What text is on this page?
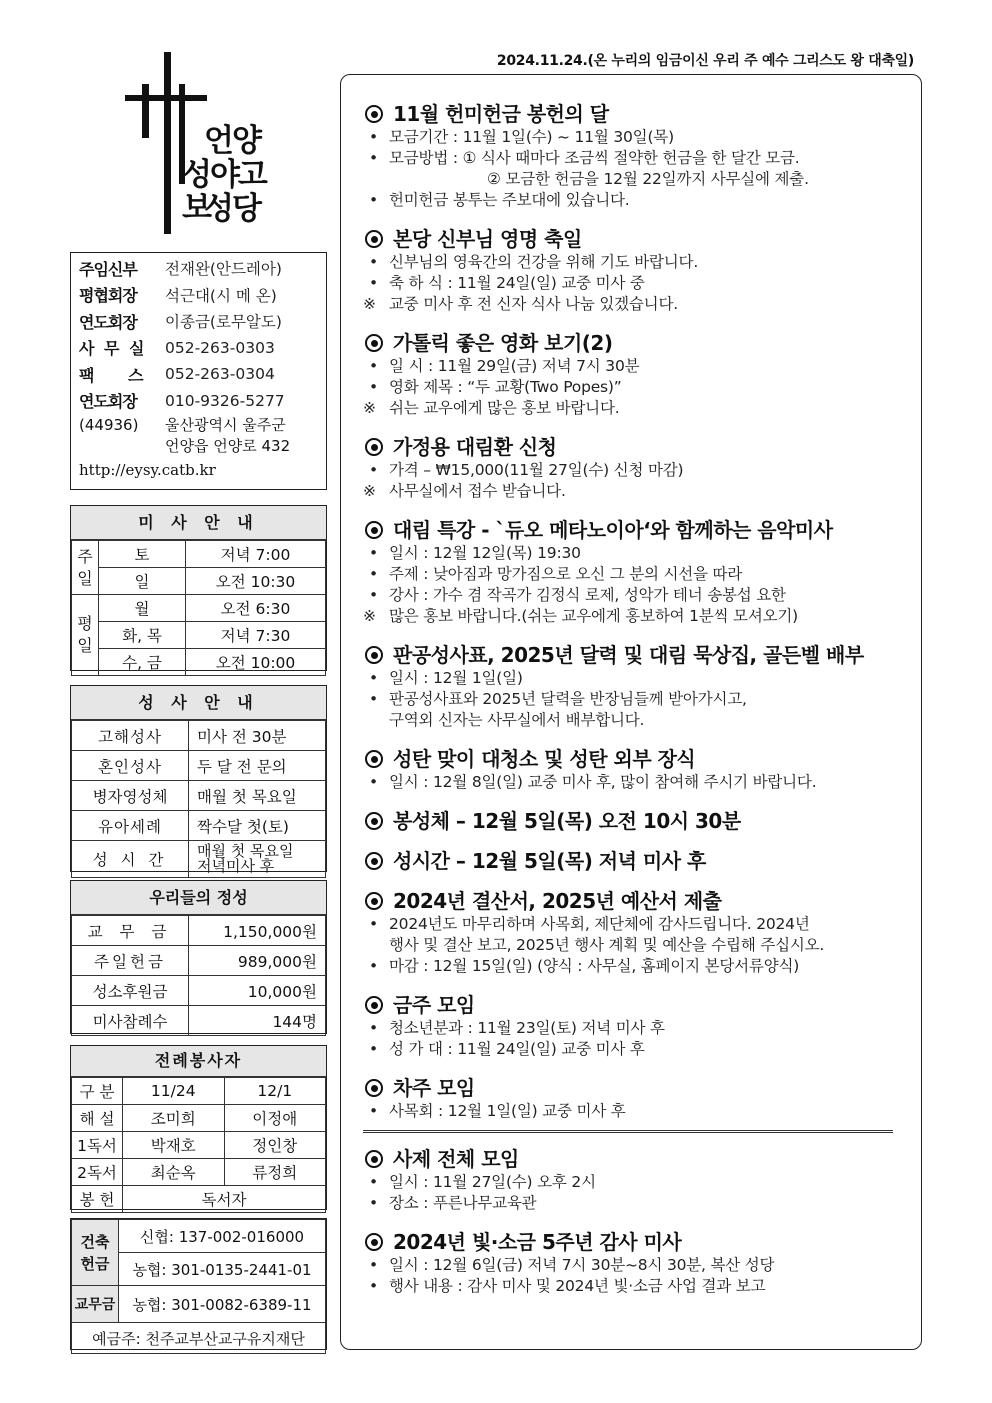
2024.11.24.(온 누리의 임금이신 우리 주 예수 그리스도 왕 대축일)
언양
성야고보
성당
주임신부	전재완(안드레아)
평협회장	석근대(시 메 온)
연도회장	이종금(로무알도)
사 무 실	052-263-0303
팩 스 052-263-0304
연도회장	010-9326-5277
(44936)	울산광역시 울주군
언양읍 언양로 432
http://eysy.catb.kr
미 사 안 내
주일	토	저녁 7:00
	일	오전 10:30
평일	월	오전 6:30
	화, 목	저녁 7:30
	수, 금	오전 10:00
성 사 안 내
고해성사	미사 전 30분
혼인성사	두 달 전 문의
병자영성체	매월 첫 목요일
유아세례	짝수달 첫(토)
성 시 간	매월 첫 목요일
저녁미사 후
우리들의 정성
교 무 금	1,150,000원
주일헌금	989,000원
성소후원금	10,000원
미사참례수	144명
전례봉사자
구 분	11/24	12/1
해 설	조미희	이정애
1독서	박재호	정인창
2독서	최순옥	류정희
봉 헌	독서자	
건축헌금	신협: 137-002-016000
	농협: 301-0135-2441-01
교무금	농협: 301-0082-6389-11
예금주: 천주교부산교구유지재단	
11월 헌미헌금 봉헌의 달
• 모금기간 : 11월 1일(수) ~ 11월 30일(목)
• 모금방법 : ① 식사 때마다 조금씩 절약한 헌금을 한 달간 모금.
② 모금한 헌금을 12월 22일까지 사무실에 제출.
• 헌미헌금 봉투는 주보대에 있습니다.
본당 신부님 영명 축일
• 신부님의 영육간의 건강을 위해 기도 바랍니다.
• 축 하 식 : 11월 24일(일) 교중 미사 중
※ 교중 미사 후 전 신자 식사 나눔 있겠습니다.
가톨릭 좋은 영화 보기(2)
• 일 시 : 11월 29일(금) 저녁 7시 30분
• 영화 제목 : “두 교황(Two Popes)”
※ 쉬는 교우에게 많은 홍보 바랍니다.
가정용 대림환 신청
• 가격 – ₩15,000(11월 27일(수) 신청 마감)
※ 사무실에서 접수 받습니다.
대림 특강 - `듀오 메타노이아‘와 함께하는 음악미사
• 일시 : 12월 12일(목) 19:30
• 주제 : 낮아짐과 망가짐으로 오신 그 분의 시선을 따라
• 강사 : 가수 겸 작곡가 김정식 로제, 성악가 테너 송봉섭 요한
※ 많은 홍보 바랍니다.(쉬는 교우에게 홍보하여 1분씩 모셔오기)
판공성사표, 2025년 달력 및 대림 묵상집, 골든벨 배부
• 일시 : 12월 1일(일)
• 판공성사표와 2025년 달력을 반장님들께 받아가시고,
구역외 신자는 사무실에서 배부합니다.
성탄 맞이 대청소 및 성탄 외부 장식
• 일시 : 12월 8일(일) 교중 미사 후, 많이 참여해 주시기 바랍니다.
봉성체 – 12월 5일(목) 오전 10시 30분
성시간 – 12월 5일(목) 저녁 미사 후
2024년 결산서, 2025년 예산서 제출
• 2024년도 마무리하며 사목회, 제단체에 감사드립니다. 2024년
행사 및 결산 보고, 2025년 행사 계획 및 예산을 수립해 주십시오.
• 마감 : 12월 15일(일) (양식 : 사무실, 홈페이지 본당서류양식)
금주 모임
• 청소년분과 : 11월 23일(토) 저녁 미사 후
• 성 가 대 : 11월 24일(일) 교중 미사 후
차주 모임
• 사목회 : 12월 1일(일) 교중 미사 후
사제 전체 모임
• 일시 : 11월 27일(수) 오후 2시
• 장소 : 푸른나무교육관
2024년 빛·소금 5주년 감사 미사
• 일시 : 12월 6일(금) 저녁 7시 30분~8시 30분, 복산 성당
• 행사 내용 : 감사 미사 및 2024년 빛·소금 사업 결과 보고
